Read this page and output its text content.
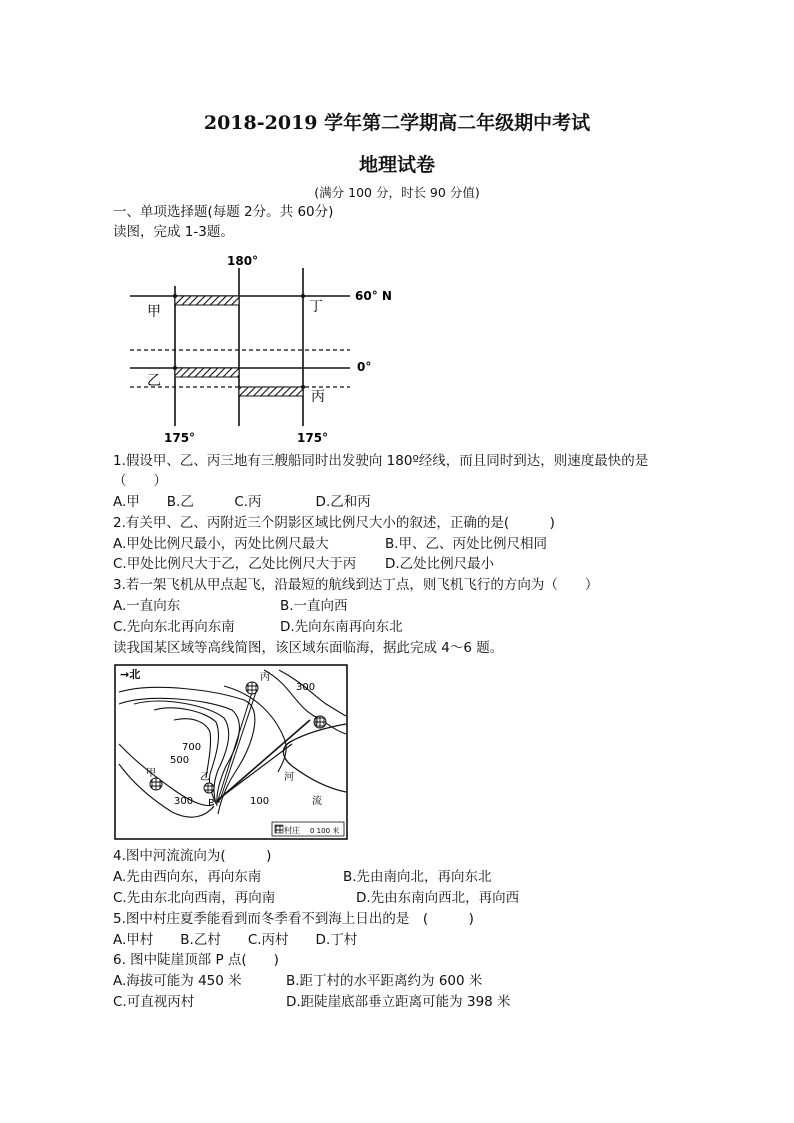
2018-2019 学年第二学期高二年级期中考试
地理试卷
(满分 100 分，时长 90 分值)
一、单项选择题(每题 2分。共 60分)
读图，完成 1-3题。
180°
60° N
0°
175°	175°
甲
乙
丙
丁
1.假设甲、乙、丙三地有三艘船同时出发驶向 180º经线，而且同时到达，则速度最快的是
（　　）
A.甲　　B.乙　　　C.丙　　　　D.乙和丙
2.有关甲、乙、丙附近三个阴影区域比例尺大小的叙述，正确的是(　　　)
A.甲处比例尺最小，丙处比例尺最大	B.甲、乙、丙处比例尺相同
C.甲处比例尺大于乙，乙处比例尺大于丙 D.乙处比例尺最小
3.若一架飞机从甲点起飞，沿最短的航线到达丁点，则飞机飞行的方向为（　　）
A.一直向东	B.一直向西
C.先向东北再向东南	D.先向东南再向东北
读我国某区域等高线简图，该区域东面临海，据此完成 4～6 题。
→北	丙
丁
甲	乙
P
300
300
500
700
100
河
流
村庄 0 100 米
4.图中河流流向为(　　　)
A.先由西向东，再向东南	B.先由南向北，再向东北
C.先由东北向西南，再向南	D.先由东南向西北，再向西
5.图中村庄夏季能看到而冬季看不到海上日出的是　(　　　)
A.甲村　　B.乙村　　C.丙村　　D.丁村
6. 图中陡崖顶部 P 点(　　)
A.海拔可能为 450 米	B.距丁村的水平距离约为 600 米
C.可直视丙村	D.距陡崖底部垂立距离可能为 398 米
